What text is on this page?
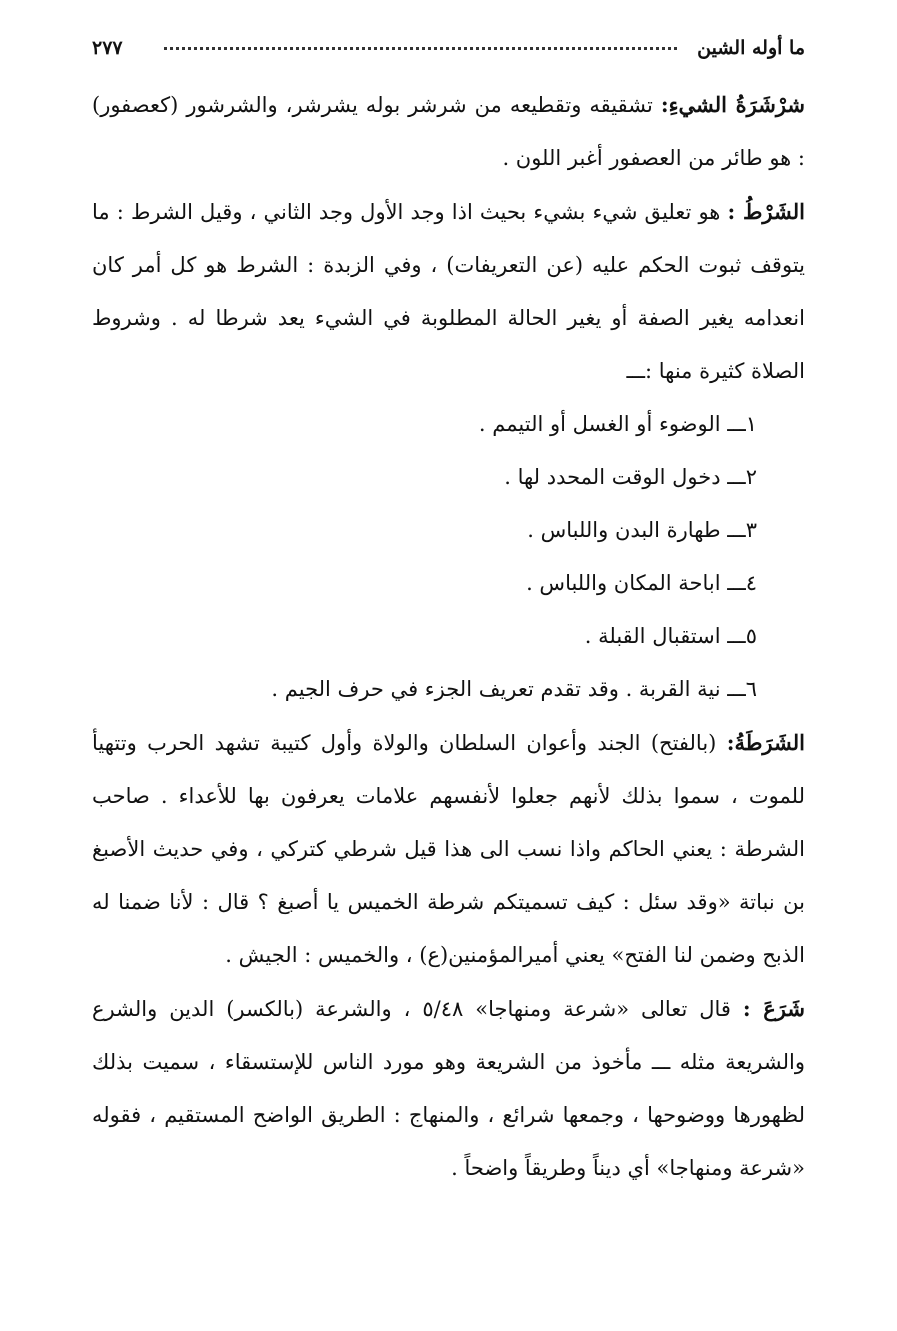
ما أوله الشين
٢٧٧

شرْشَرَةُ الشيءِ: تشقيقه وتقطيعه من شرشر بوله يشرشر، والشرشور (كعصفور) : هو طائر من العصفور أغبر اللون .

الشَرْطُ : هو تعليق شيء بشيء بحيث اذا وجد الأول وجد الثاني ، وقيل الشرط : ما يتوقف ثبوت الحكم عليه (عن التعريفات) ، وفي الزبدة : الشرط هو كل أمر كان انعدامه يغير الصفة أو يغير الحالة المطلوبة في الشيء يعد شرطا له . وشروط الصلاة كثيرة منها :ـــ

١ـــ الوضوء أو الغسل أو التيمم .
٢ـــ دخول الوقت المحدد لها .
٣ـــ طهارة البدن واللباس .
٤ـــ اباحة المكان واللباس .
٥ـــ استقبال القبلة .
٦ـــ نية القربة . وقد تقدم تعريف الجزء في حرف الجيم .

الشَرَطَةُ: (بالفتح) الجند وأعوان السلطان والولاة وأول كتيبة تشهد الحرب وتتهيأ للموت ، سموا بذلك لأنهم جعلوا لأنفسهم علامات يعرفون بها للأعداء . صاحب الشرطة : يعني الحاكم واذا نسب الى هذا قيل شرطي كتركي ، وفي حديث الأصبغ بن نباتة «وقد سئل : كيف تسميتكم شرطة الخميس يا أصبغ ؟ قال : لأنا ضمنا له الذبح وضمن لنا الفتح» يعني أميرالمؤمنين(ع) ، والخميس : الجيش .

شَرَعَ : قال تعالى «شرعة ومنهاجا» ٥/٤٨ ، والشرعة (بالكسر) الدين والشرع والشريعة مثله ـــ مأخوذ من الشريعة وهو مورد الناس للإستسقاء ، سميت بذلك لظهورها ووضوحها ، وجمعها شرائع ، والمنهاج : الطريق الواضح المستقيم ، فقوله «شرعة ومنهاجا» أي ديناً وطريقاً واضحاً .
